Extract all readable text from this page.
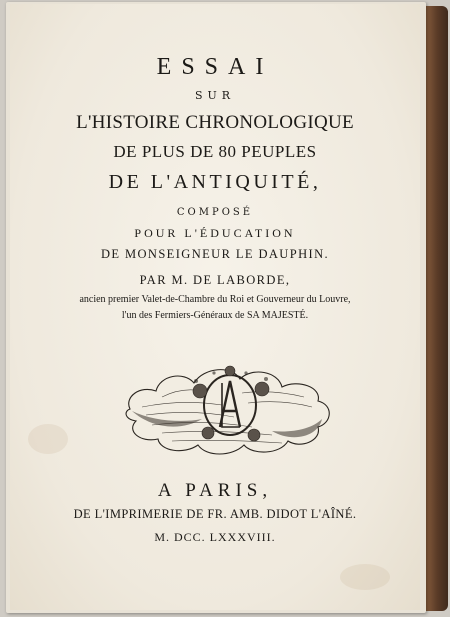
ESSAI
SUR
L'HISTOIRE CHRONOLOGIQUE
DE PLUS DE 80 PEUPLES
DE L'ANTIQUITÉ,
COMPOSÉ
POUR L'ÉDUCATION
DE MONSEIGNEUR LE DAUPHIN.
PAR M. DE LABORDE,
ancien premier Valet-de-Chambre du Roi et Gouverneur du Louvre,
l'un des Fermiers-Généraux de SA MAJESTÉ.
A PARIS,
DE L'IMPRIMERIE DE FR. AMB. DIDOT L'AÎNÉ.
M. DCC. LXXXVIII.
